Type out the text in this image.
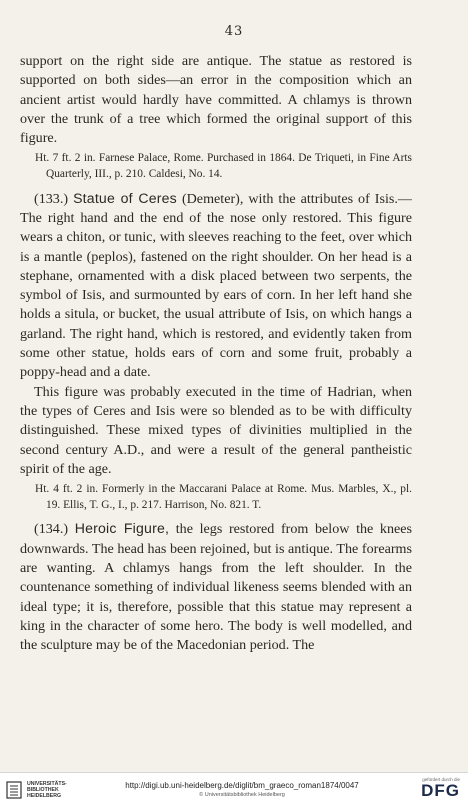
43

support on the right side are antique. The statue as restored is supported on both sides—an error in the composition which an ancient artist would hardly have committed. A chlamys is thrown over the trunk of a tree which formed the original support of this figure.

Ht. 7 ft. 2 in. Farnese Palace, Rome. Purchased in 1864. De Triqueti, in Fine Arts Quarterly, III., p. 210. Caldesi, No. 14.

(133.) Statue of Ceres (Demeter), with the attributes of Isis.—The right hand and the end of the nose only restored. This figure wears a chiton, or tunic, with sleeves reaching to the feet, over which is a mantle (peplos), fastened on the right shoulder. On her head is a stephane, ornamented with a disk placed between two serpents, the symbol of Isis, and surmounted by ears of corn. In her left hand she holds a situla, or bucket, the usual attribute of Isis, on which hangs a garland. The right hand, which is restored, and evidently taken from some other statue, holds ears of corn and some fruit, probably a poppy-head and a date.

This figure was probably executed in the time of Hadrian, when the types of Ceres and Isis were so blended as to be with difficulty distinguished. These mixed types of divinities multiplied in the second century A.D., and were a result of the general pantheistic spirit of the age.

Ht. 4 ft. 2 in. Formerly in the Maccarani Palace at Rome. Mus. Marbles, X., pl. 19. Ellis, T. G., I., p. 217. Harrison, No. 821. T.

(134.) Heroic Figure, the legs restored from below the knees downwards. The head has been rejoined, but is antique. The forearms are wanting. A chlamys hangs from the left shoulder. In the countenance something of individual likeness seems blended with an ideal type; it is, therefore, possible that this statue may represent a king in the character of some hero. The body is well modelled, and the sculpture may be of the Macedonian period. The

UNIVERSITÄTS-
BIBLIOTHEK
HEIDELBERG
http://digi.ub.uni-heidelberg.de/diglit/bm_graeco_roman1874/0047
© Universitätsbibliothek Heidelberg
gefördert durch die
DFG
